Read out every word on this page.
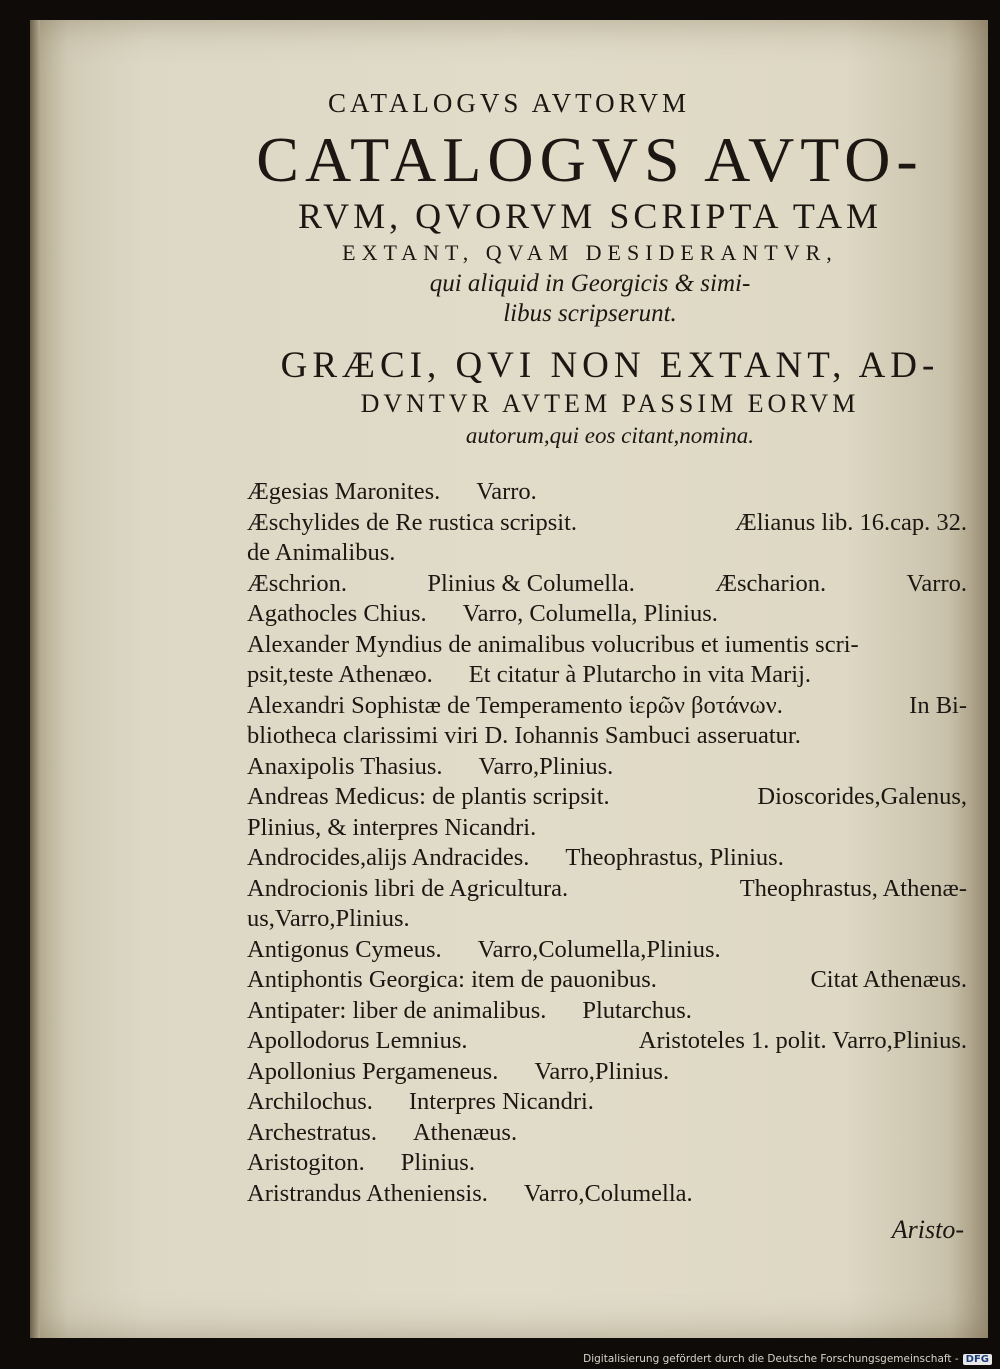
CATALOGVS AVTORVM
CATALOGVS AVTO-
RVM, QVORVM SCRIPTA TAM
EXTANT, QVAM DESIDERANTVR,
qui aliquid in Georgicis & simi-
libus scripserunt.
GRÆCI, QVI NON EXTANT, AD-
DVNTVR AVTEM PASSIM EORVM
autorum,qui eos citant,nomina.
Ægesias Maronites. Varro.
Æschylides de Re rustica scripsit.	Ælianus lib. 16.cap. 32.
de Animalibus.
Æschrion.	Plinius & Columella.	Æscharion.	Varro.
Agathocles Chius. Varro, Columella, Plinius.
Alexander Myndius de animalibus volucribus et iumentis scri-
psit,teste Athenæo. Et citatur à Plutarcho in vita Marij.
Alexandri Sophistæ de Temperamento ἱερῶν βοτάνων.	In Bi-
bliotheca clarissimi viri D. Iohannis Sambuci asseruatur.
Anaxipolis Thasius. Varro,Plinius.
Andreas Medicus: de plantis scripsit.	Dioscorides,Galenus,
Plinius, & interpres Nicandri.
Androcides,alijs Andracides. Theophrastus, Plinius.
Androcionis libri de Agricultura.	Theophrastus, Athenæ-
us,Varro,Plinius.
Antigonus Cymeus. Varro,Columella,Plinius.
Antiphontis Georgica: item de pauonibus.	Citat Athenæus.
Antipater: liber de animalibus. Plutarchus.
Apollodorus Lemnius.	Aristoteles 1. polit. Varro,Plinius.
Apollonius Pergameneus. Varro,Plinius.
Archilochus. Interpres Nicandri.
Archestratus. Athenæus.
Aristogiton. Plinius.
Aristrandus Atheniensis. Varro,Columella.
Aristo-
Digitalisierung gefördert durch die Deutsche Forschungsgemeinschaft - DFG
